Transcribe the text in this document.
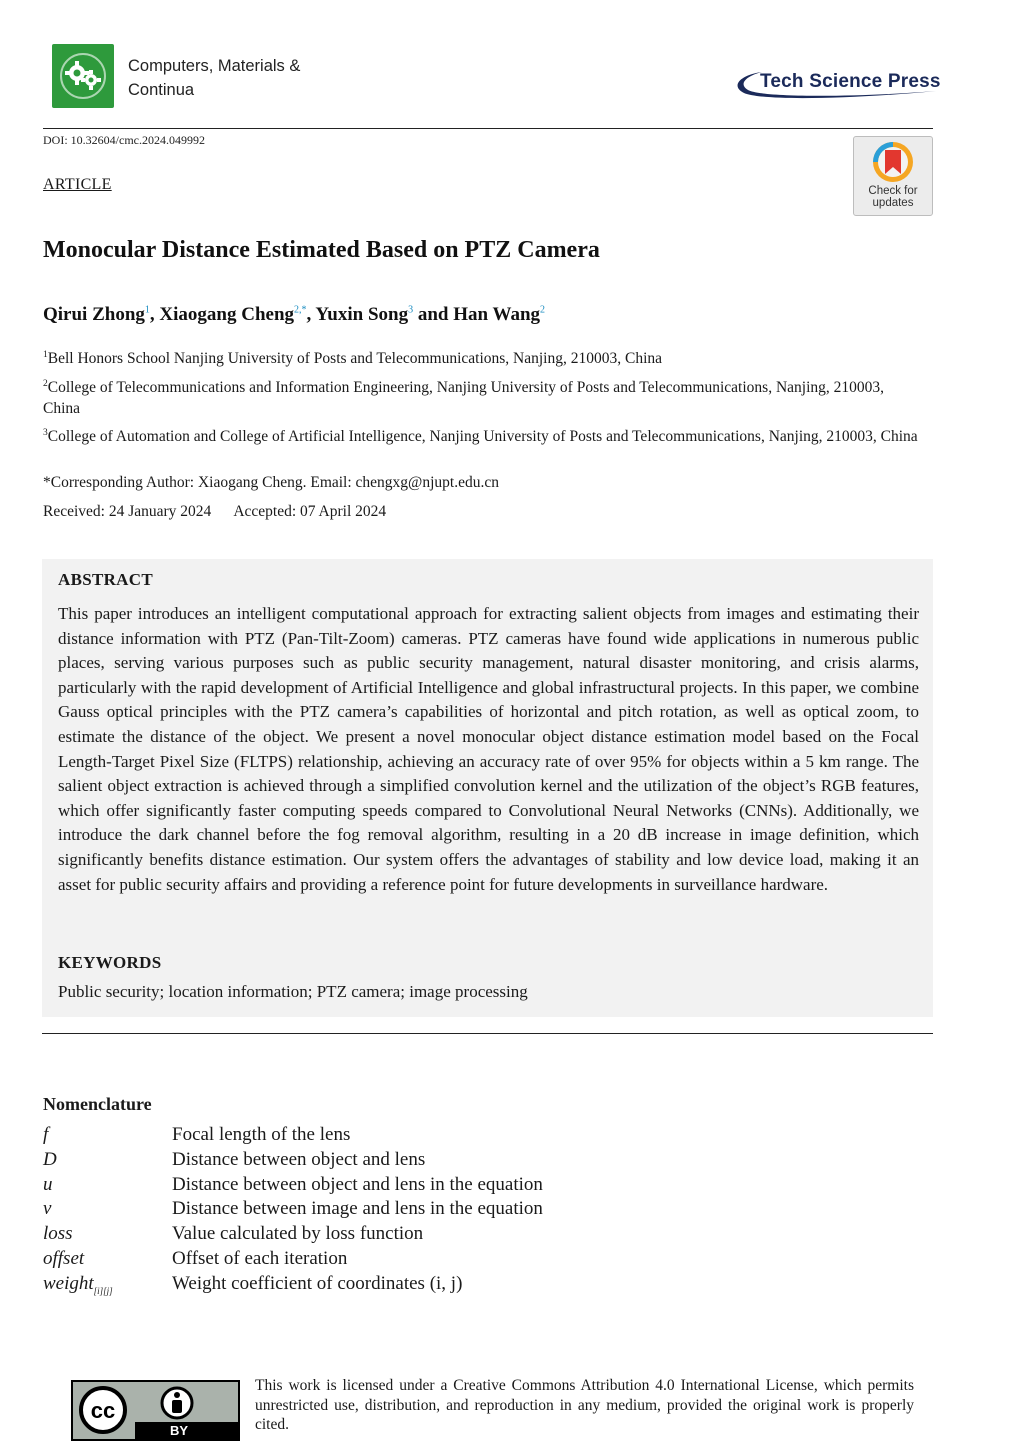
Computers, Materials &
Continua	Tech Science Press
DOI: 10.32604/cmc.2024.049992
Check for
updates
ARTICLE
Monocular Distance Estimated Based on PTZ Camera
Qirui Zhong$^1$, Xiaogang Cheng$^{2,*}$, Yuxin Song$^3$ and Han Wang$^2$
$^1$Bell Honors School Nanjing University of Posts and Telecommunications, Nanjing, 210003, China
$^2$College of Telecommunications and Information Engineering, Nanjing University of Posts and Telecommunications, Nanjing, 210003, China
$^3$College of Automation and College of Artificial Intelligence, Nanjing University of Posts and Telecommunications, Nanjing, 210003, China
*Corresponding Author: Xiaogang Cheng. Email: chengxg@njupt.edu.cn
Received: 24 January 2024 Accepted: 07 April 2024
ABSTRACT
This paper introduces an intelligent computational approach for extracting salient objects from images and estimating their distance information with PTZ (Pan-Tilt-Zoom) cameras. PTZ cameras have found wide applications in numerous public places, serving various purposes such as public security management, natural disaster monitoring, and crisis alarms, particularly with the rapid development of Artificial Intelligence and global infrastructural projects. In this paper, we combine Gauss optical principles with the PTZ camera’s capabilities of horizontal and pitch rotation, as well as optical zoom, to estimate the distance of the object. We present a novel monocular object distance estimation model based on the Focal Length-Target Pixel Size (FLTPS) relationship, achieving an accuracy rate of over 95% for objects within a 5 km range. The salient object extraction is achieved through a simplified convolution kernel and the utilization of the object’s RGB features, which offer significantly faster computing speeds compared to Convolutional Neural Networks (CNNs). Additionally, we introduce the dark channel before the fog removal algorithm, resulting in a 20 dB increase in image definition, which significantly benefits distance estimation. Our system offers the advantages of stability and low device load, making it an asset for public security affairs and providing a reference point for future developments in surveillance hardware.
KEYWORDS
Public security; location information; PTZ camera; image processing
Nomenclature
f	Focal length of the lens
D	Distance between object and lens
u	Distance between object and lens in the equation
v	Distance between image and lens in the equation
loss	Value calculated by loss function
offset	Offset of each iteration
weight$_{[i][j]}$	Weight coefficient of coordinates (i, j)
cc
BY
This work is licensed under a Creative Commons Attribution 4.0 International License, which permits unrestricted use, distribution, and reproduction in any medium, provided the original work is properly cited.
